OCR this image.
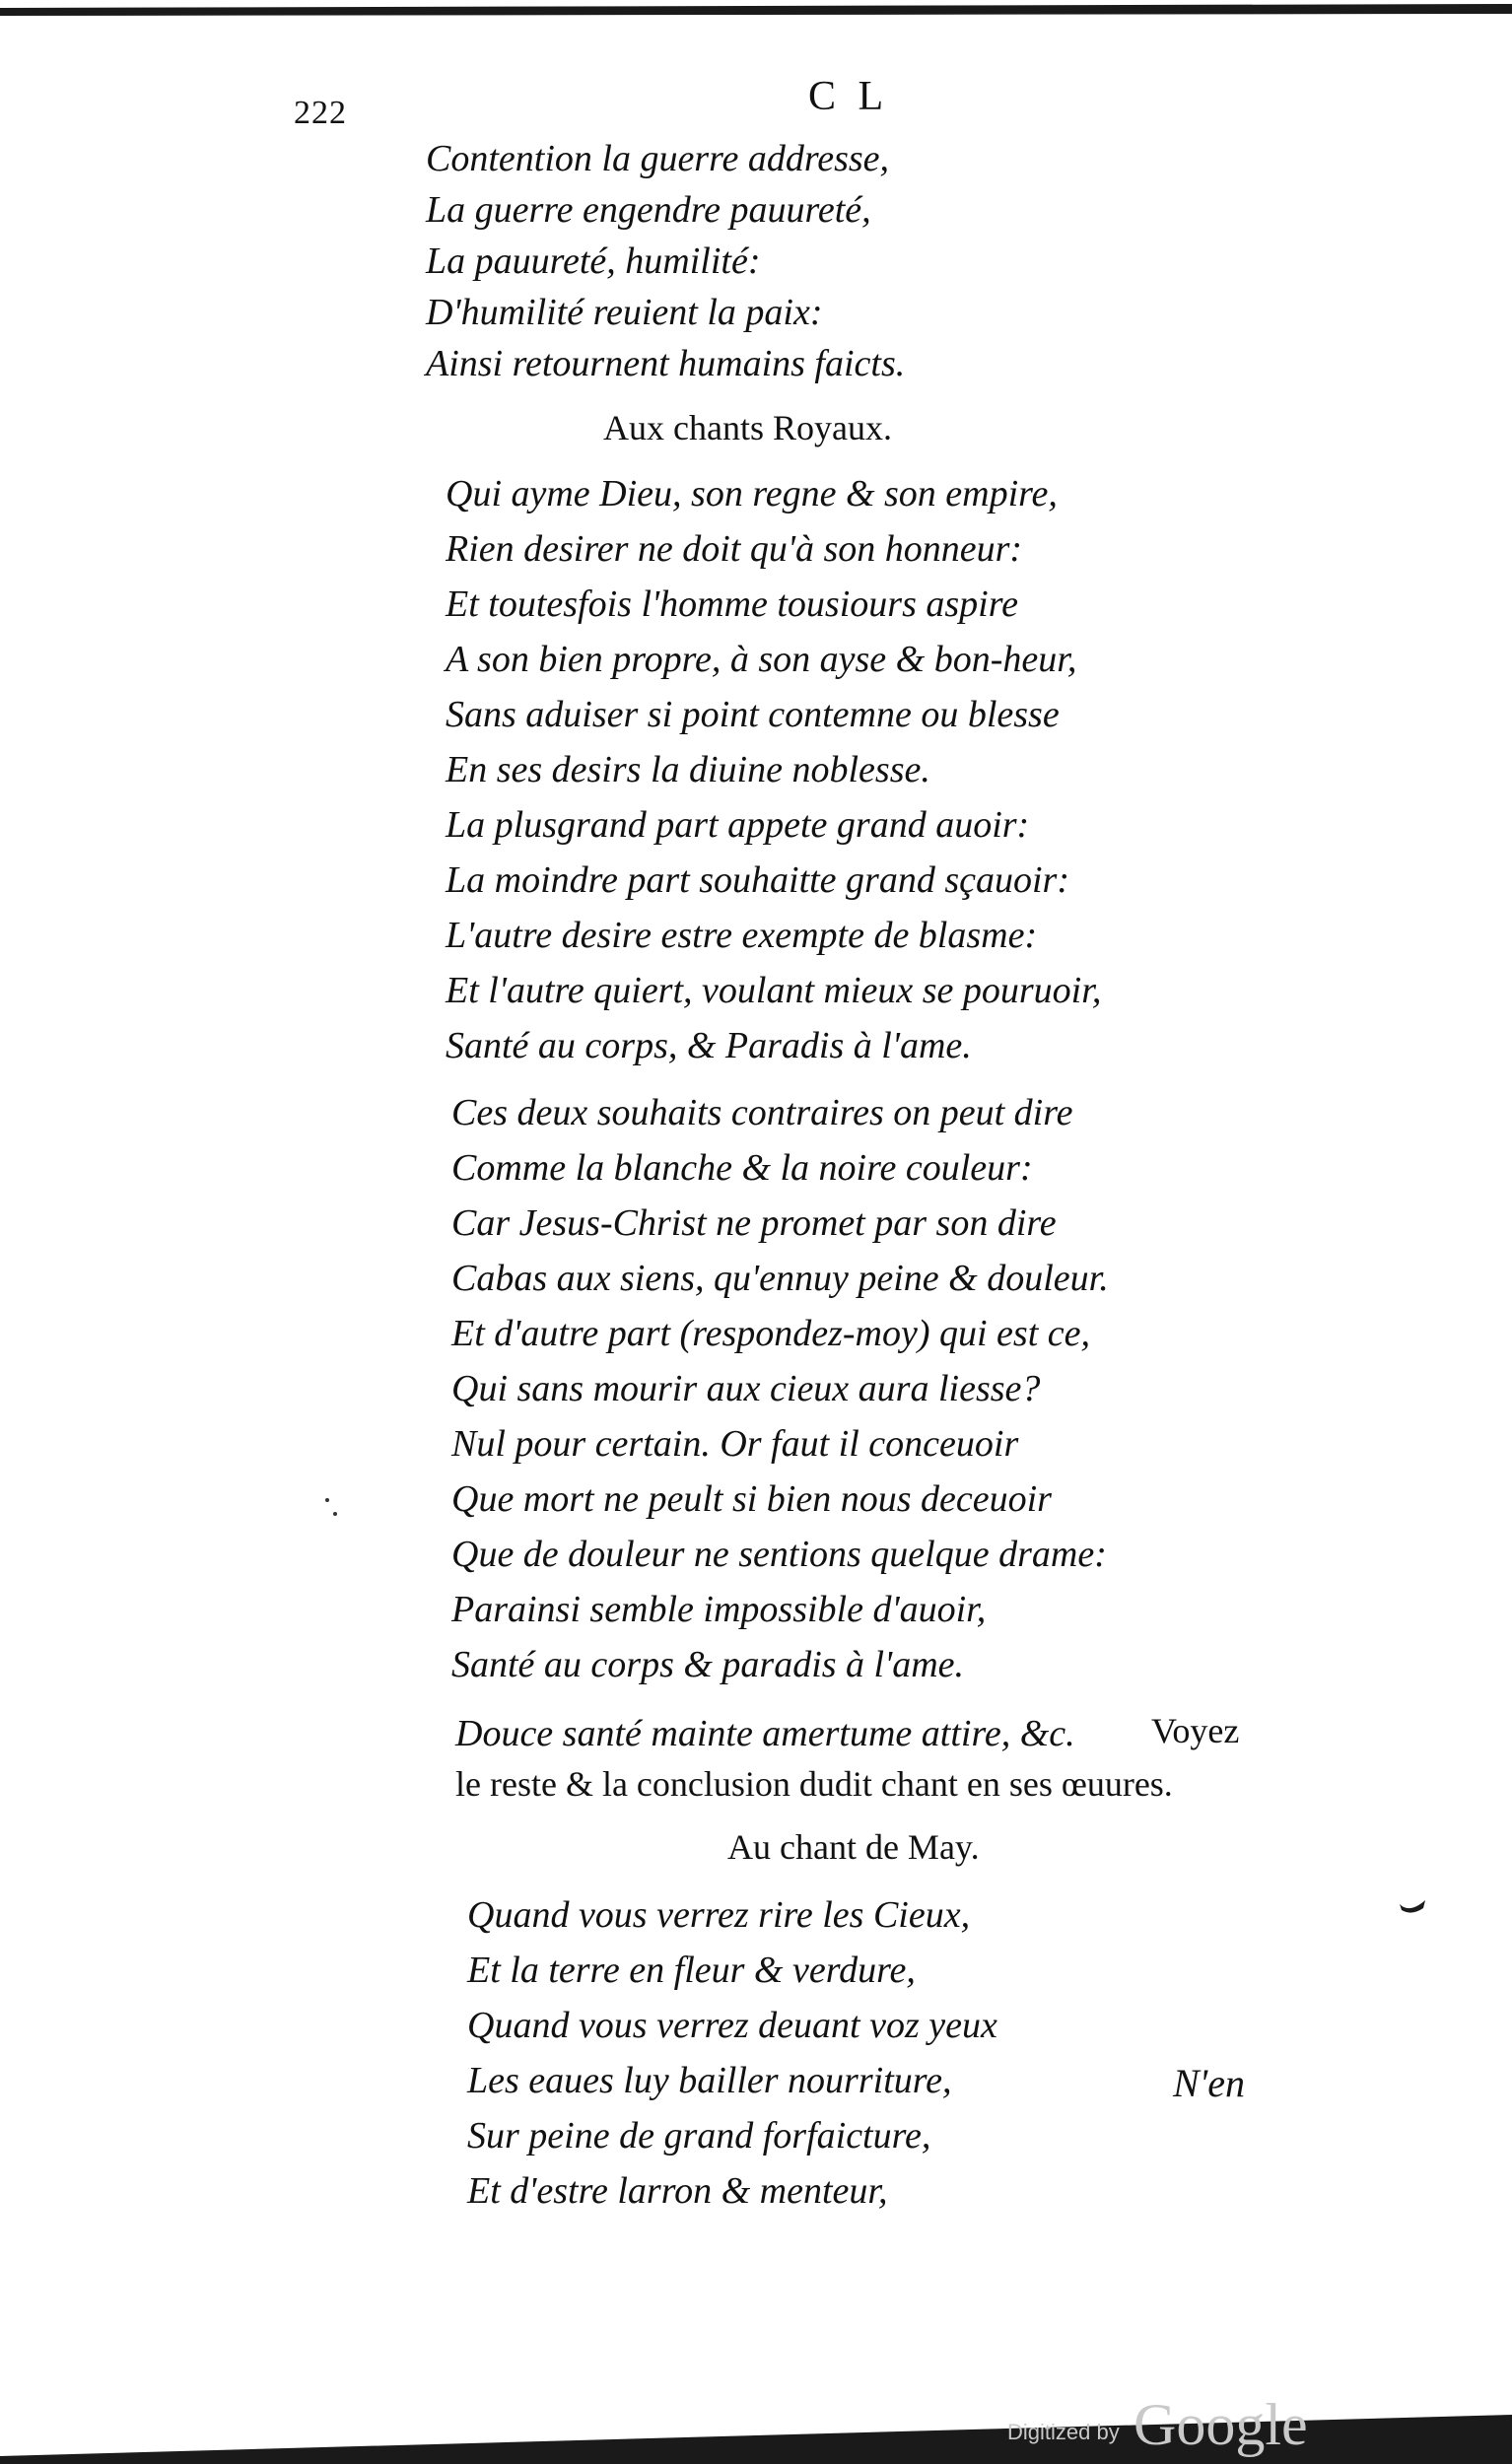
222	C L
Contention la guerre addresse,
La guerre engendre pauureté,
La pauureté, humilité:
D'humilité reuient la paix:
Ainsi retournent humains faicts.
Aux chants Royaux.
Qui ayme Dieu, son regne & son empire,
Rien desirer ne doit qu'à son honneur:
Et toutesfois l'homme tousiours aspire
A son bien propre, à son ayse & bon-heur,
Sans aduiser si point contemne ou blesse
En ses desirs la diuine noblesse.
La plusgrand part appete grand auoir:
La moindre part souhaitte grand sçauoir:
L'autre desire estre exempte de blasme:
Et l'autre quiert, voulant mieux se pouruoir,
Santé au corps, & Paradis à l'ame.
Ces deux souhaits contraires on peut dire
Comme la blanche & la noire couleur:
Car Jesus-Christ ne promet par son dire
Cabas aux siens, qu'ennuy peine & douleur.
Et d'autre part (respondez-moy) qui est ce,
Qui sans mourir aux cieux aura liesse?
Nul pour certain. Or faut il conceuoir
Que mort ne peult si bien nous deceuoir
Que de douleur ne sentions quelque drame:
Parainsi semble impossible d'auoir,
Santé au corps & paradis à l'ame.
Douce santé mainte amertume attire, &c. Voyez
le reste & la conclusion dudit chant en ses œuures.
Au chant de May.
Quand vous verrez rire les Cieux,
Et la terre en fleur & verdure,
Quand vous verrez deuant voz yeux
Les eaues luy bailler nourriture,
Sur peine de grand forfaicture,
Et d'estre larron & menteur,
N'en
Digitized by Google
